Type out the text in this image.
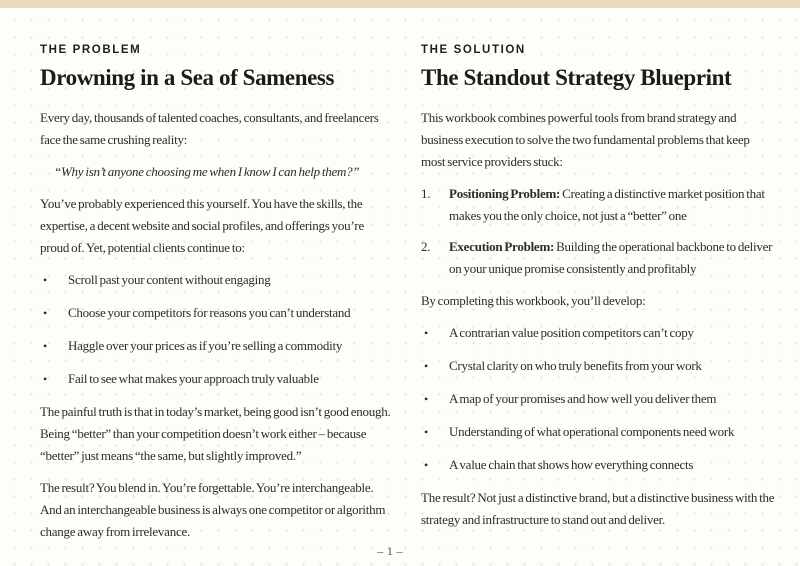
THE PROBLEM
Drowning in a Sea of Sameness

Every day, thousands of talented coaches, consultants, and freelancers face the same crushing reality:

“Why isn’t anyone choosing me when I know I can help them?”

You’ve probably experienced this yourself. You have the skills, the expertise, a decent website and social profiles, and offerings you’re proud of. Yet, potential clients continue to:

•	Scroll past your content without engaging
•	Choose your competitors for reasons you can’t understand
•	Haggle over your prices as if you’re selling a commodity
•	Fail to see what makes your approach truly valuable

The painful truth is that in today’s market, being good isn’t good enough. Being “better” than your competition doesn’t work either – because “better” just means “the same, but slightly improved.”

The result? You blend in. You’re forgettable. You’re interchangeable. And an interchangeable business is always one competitor or algorithm change away from irrelevance.

THE SOLUTION
The Standout Strategy Blueprint

This workbook combines powerful tools from brand strategy and business execution to solve the two fundamental problems that keep most service providers stuck:

1.	Positioning Problem: Creating a distinctive market position that makes you the only choice, not just a “better” one
2.	Execution Problem: Building the operational backbone to deliver on your unique promise consistently and profitably

By completing this workbook, you’ll develop:

•	A contrarian value position competitors can’t copy
•	Crystal clarity on who truly benefits from your work
•	A map of your promises and how well you deliver them
•	Understanding of what operational components need work
•	A value chain that shows how everything connects

The result? Not just a distinctive brand, but a distinctive business with the strategy and infrastructure to stand out and deliver.

– 1 –
